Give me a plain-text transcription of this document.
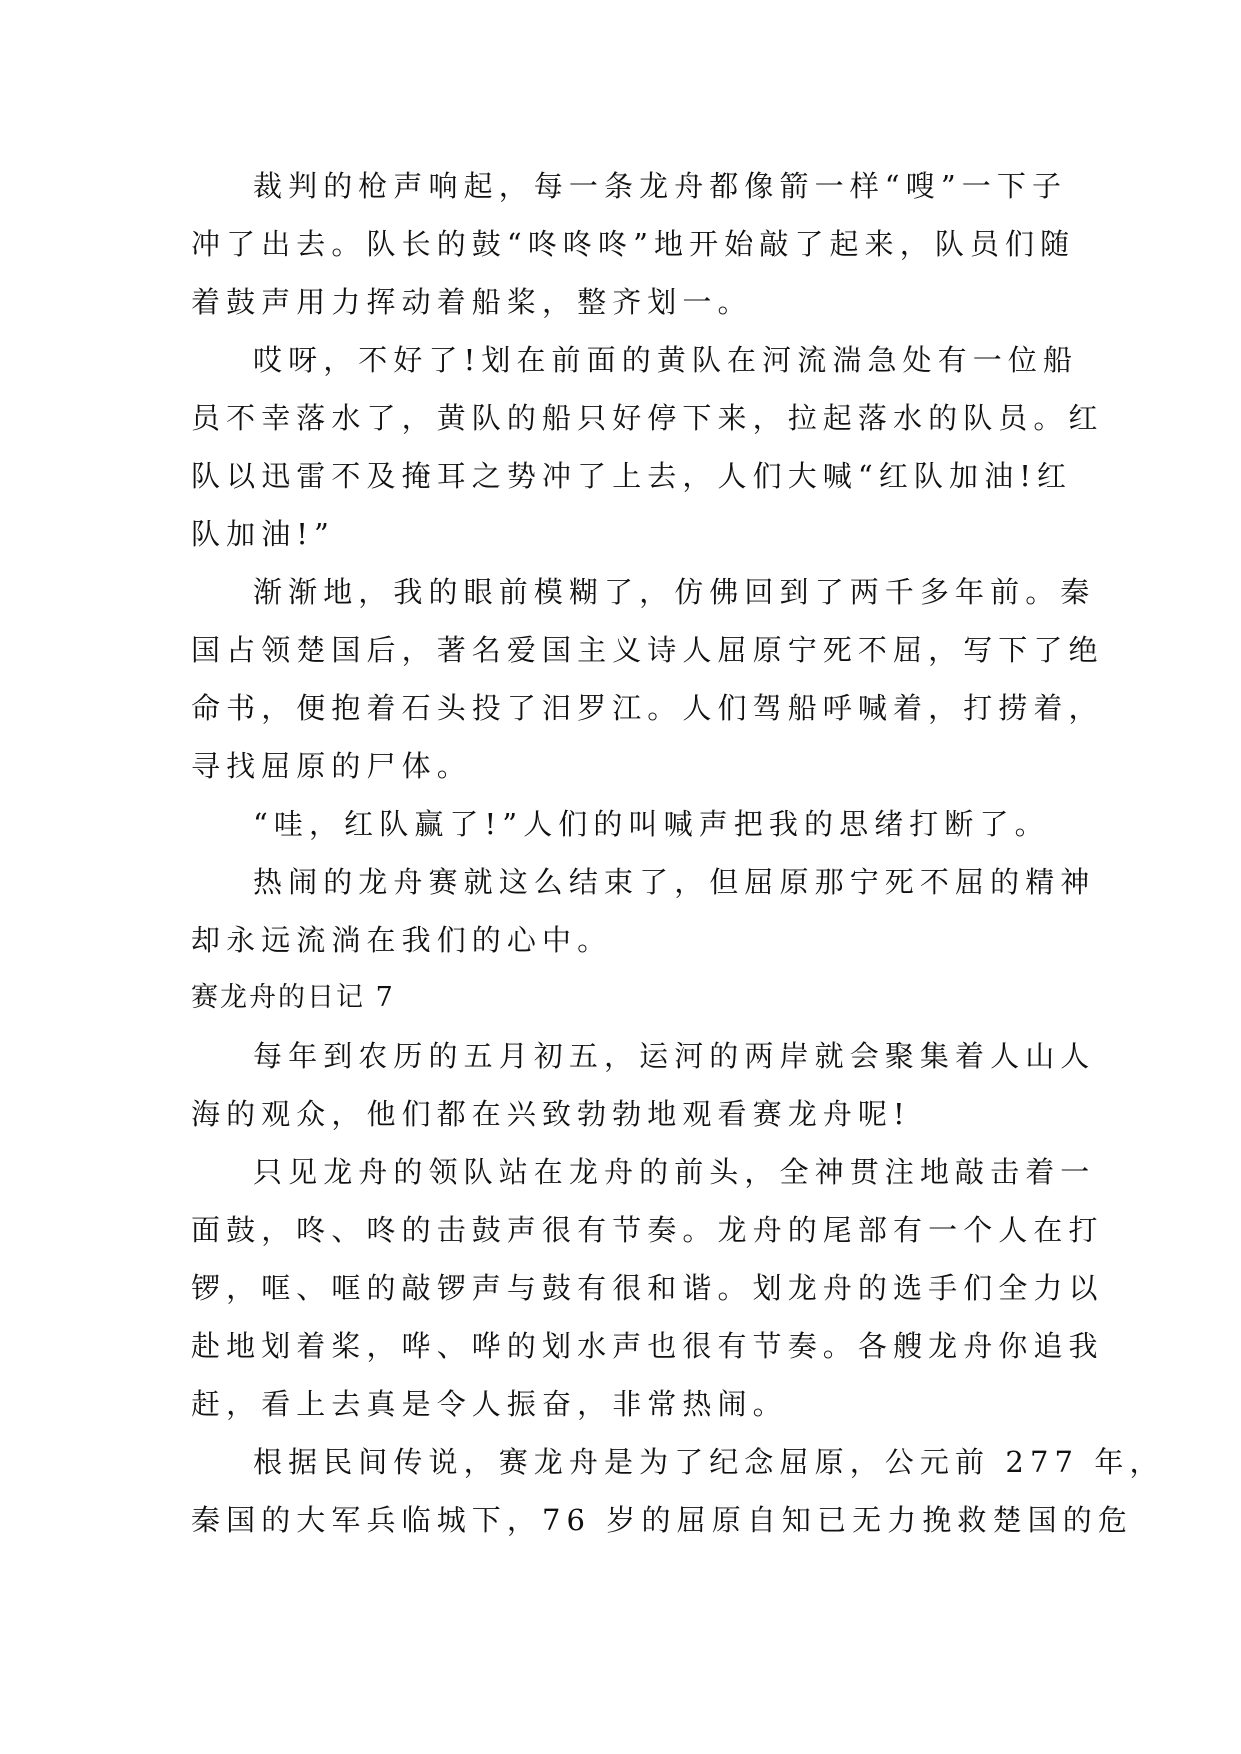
裁判的枪声响起，每一条龙舟都像箭一样“嗖”一下子
冲了出去。队长的鼓“咚咚咚”地开始敲了起来，队员们随
着鼓声用力挥动着船桨，整齐划一。
哎呀，不好了!划在前面的黄队在河流湍急处有一位船
员不幸落水了，黄队的船只好停下来，拉起落水的队员。红
队以迅雷不及掩耳之势冲了上去，人们大喊“红队加油!红
队加油!”
渐渐地，我的眼前模糊了，仿佛回到了两千多年前。秦
国占领楚国后，著名爱国主义诗人屈原宁死不屈，写下了绝
命书，便抱着石头投了汨罗江。人们驾船呼喊着，打捞着，
寻找屈原的尸体。
“哇，红队赢了!”人们的叫喊声把我的思绪打断了。
热闹的龙舟赛就这么结束了，但屈原那宁死不屈的精神
却永远流淌在我们的心中。
赛龙舟的日记 7
每年到农历的五月初五，运河的两岸就会聚集着人山人
海的观众，他们都在兴致勃勃地观看赛龙舟呢!
只见龙舟的领队站在龙舟的前头，全神贯注地敲击着一
面鼓，咚、咚的击鼓声很有节奏。龙舟的尾部有一个人在打
锣，哐、哐的敲锣声与鼓有很和谐。划龙舟的选手们全力以
赴地划着桨，哗、哗的划水声也很有节奏。各艘龙舟你追我
赶，看上去真是令人振奋，非常热闹。
根据民间传说，赛龙舟是为了纪念屈原，公元前 277 年，
秦国的大军兵临城下，76 岁的屈原自知已无力挽救楚国的危
